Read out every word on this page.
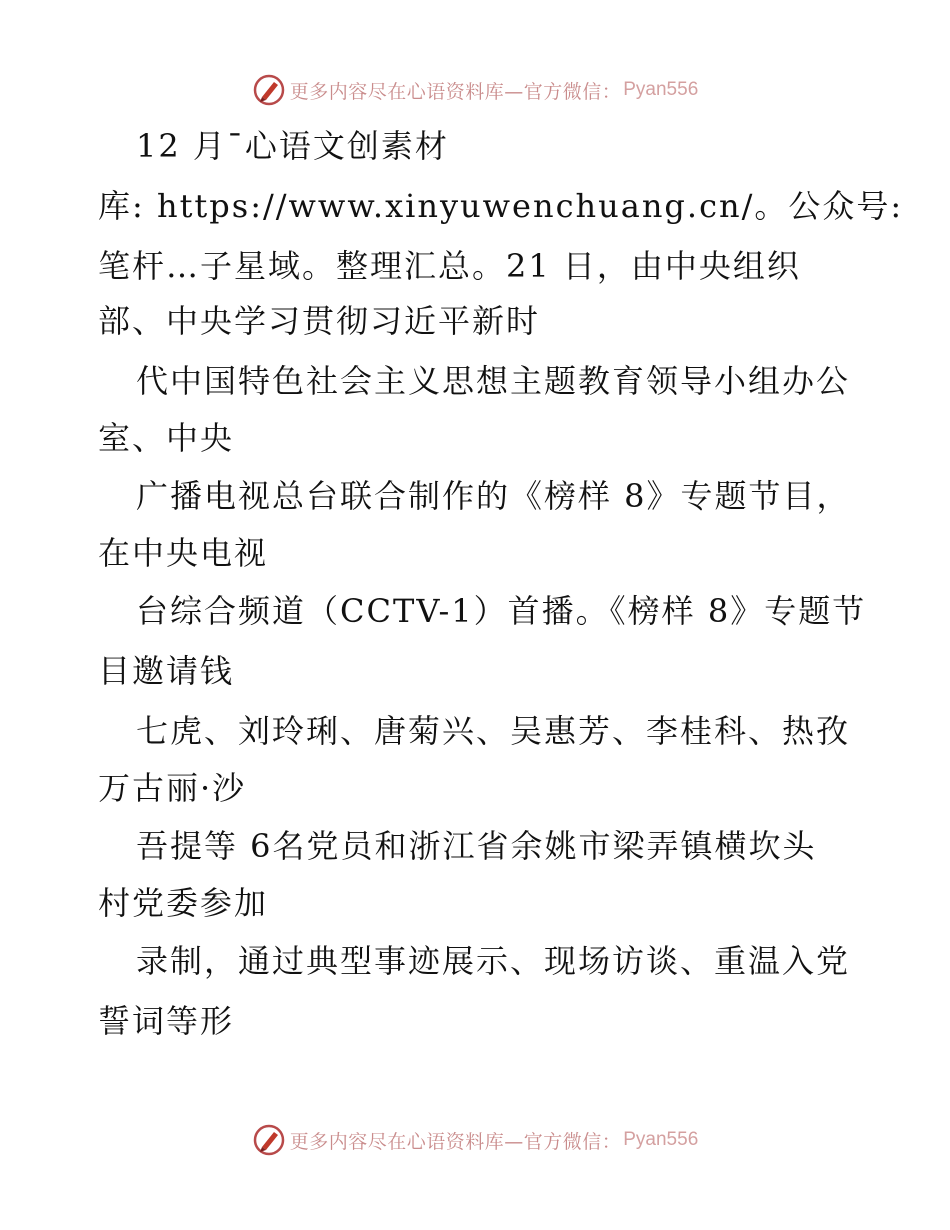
更多内容尽在心语资料库—官方微信： Pyan556
12 月¯心语文创素材
库: https://www.xinyuwenchuang.cn/。公众号:
笔杆…子星域。整理汇总。21 日，由中央组织
部、中央学习贯彻习近平新时
代中国特色社会主义思想主题教育领导小组办公
室、中央
广播电视总台联合制作的《榜样 8》专题节目，
在中央电视
台综合频道（CCTV-1）首播。《榜样 8》专题节
目邀请钱
七虎、刘玲琍、唐菊兴、吴惠芳、李桂科、热孜
万古丽·沙
吾提等 6名党员和浙江省余姚市梁弄镇横坎头
村党委参加
录制，通过典型事迹展示、现场访谈、重温入党
誓词等形
更多内容尽在心语资料库—官方微信： Pyan556
